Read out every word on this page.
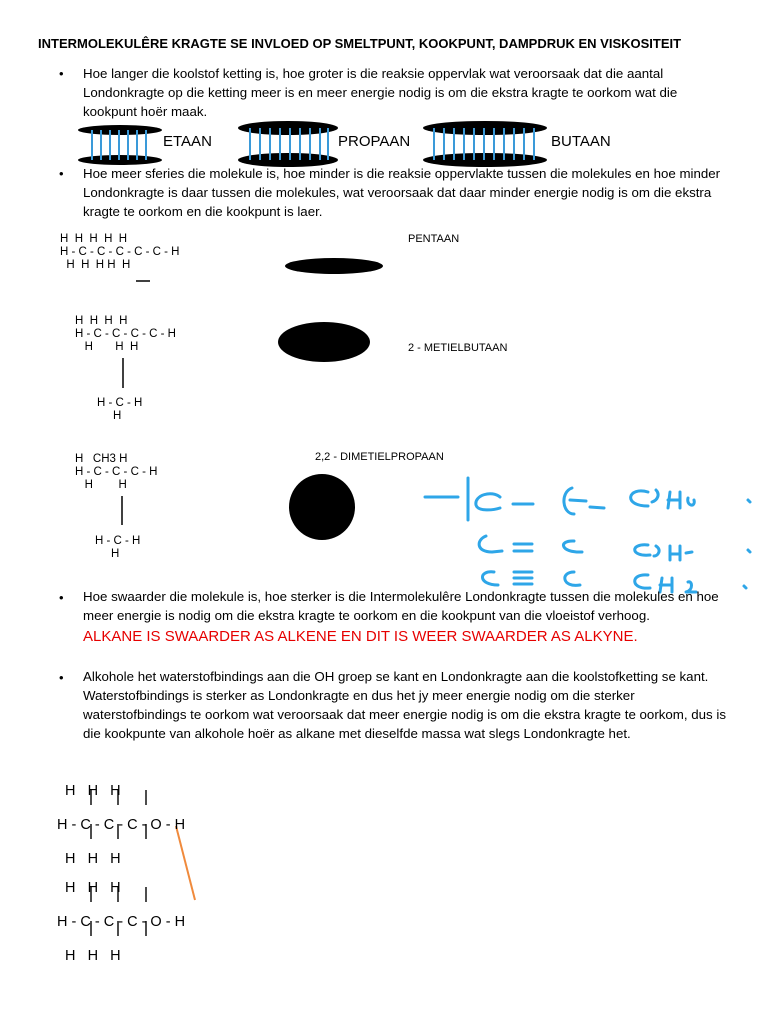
INTERMOLEKULÊRE KRAGTE SE INVLOED OP SMELTPUNT, KOOKPUNT, DAMPDRUK EN VISKOSITEIT
• Hoe langer die koolstof ketting is, hoe groter is die reaksie oppervlak wat veroorsaak dat die aantal Londonkragte op die ketting meer is en meer energie nodig is om die ekstra kragte te oorkom wat die kookpunt hoër maak.
ETAAN	PROPAAN	BUTAAN
• Hoe meer sferies die molekule is, hoe minder is die reaksie oppervlakte tussen die molekules en hoe minder Londonkragte is daar tussen die molekules, wat veroorsaak dat daar minder energie nodig is om die ekstra kragte te oorkom en die kookpunt is laer.
H  H  H  H  H
H - C - C - C - C - C - H
H  H  H H  H
PENTAAN
H  H  H  H
H - C - C - C - C - H
H       H  H
H - C - H
H
2 - METIELBUTAAN
H   CH3 H
H - C - C - C - H
H        H
H - C - H
H
2,2 - DIMETIELPROPAAN
• Hoe swaarder die molekule is, hoe sterker is die Intermolekulêre Londonkragte tussen die molekules en hoe meer energie is nodig om die ekstra kragte te oorkom en die kookpunt van die vloeistof verhoog.
ALKANE IS SWAARDER AS ALKENE EN DIT IS WEER SWAARDER AS ALKYNE.
• Alkohole het waterstofbindings aan die OH groep se kant en Londonkragte aan die koolstofketting se kant. Waterstofbindings is sterker as Londonkragte en dus het jy meer energie nodig om die sterker waterstofbindings te oorkom wat veroorsaak dat meer energie nodig is om die ekstra kragte te oorkom, dus is die kookpunte van alkohole hoër as alkane met dieselfde massa wat slegs Londonkragte het.
H   H   H
H - C - C - C - O - H
H   H   H
H   H   H
H - C - C - C - O - H
H   H   H
